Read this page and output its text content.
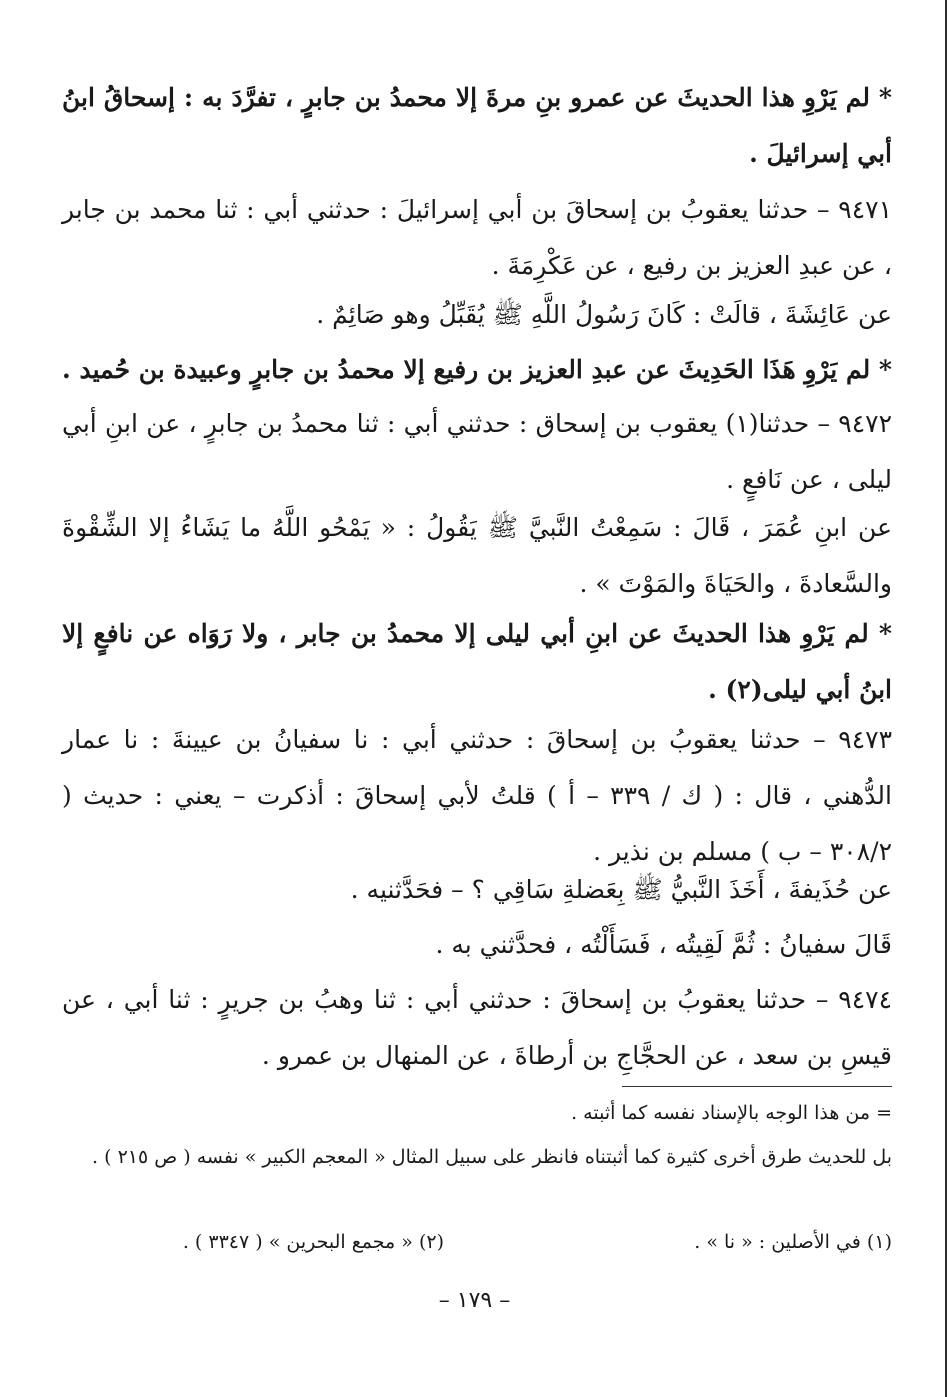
* لم يَرْوِ هذا الحديثَ عن عمرو بنِ مرةَ إلا محمدُ بن جابرٍ ، تفرَّدَ به : إسحاقُ ابنُ أبي إسرائيلَ .
٩٤٧١ – حدثنا يعقوبُ بن إسحاقَ بن أبي إسرائيلَ : حدثني أبي : ثنا محمد بن جابر ، عن عبدِ العزيز بن رفيع ، عن عَكْرِمَةَ .
عن عَائِشَةَ ، قالَتْ : كَانَ رَسُولُ اللَّهِ ﷺ يُقَبِّلُ وهو صَائِمٌ .
* لم يَرْوِ هَذَا الحَدِيثَ عن عبدِ العزيز بن رفيع إلا محمدُ بن جابرٍ وعبيدة بن حُميد .
٩٤٧٢ – حدثنا(١) يعقوب بن إسحاق : حدثني أبي : ثنا محمدُ بن جابرٍ ، عن ابنِ أبي ليلى ، عن نَافعٍ .
عن ابنِ عُمَرَ ، قَالَ : سَمِعْتُ النَّبيَّ ﷺ يَقُولُ : « يَمْحُو اللَّهُ ما يَشَاءُ إلا الشِّقْوةَ والسَّعادةَ ، والحَيَاةَ والمَوْتَ » .
* لم يَرْوِ هذا الحديثَ عن ابنِ أبي ليلى إلا محمدُ بن جابر ، ولا رَوَاه عن نافعٍ إلا ابنُ أبي ليلى(٢) .
٩٤٧٣ – حدثنا يعقوبُ بن إسحاقَ : حدثني أبي : نا سفيانُ بن عيينةَ : نا عمار الدُّهني ، قال : ( ك / ٣٣٩ – أ ) قلتُ لأبي إسحاقَ : أذكرت – يعني : حديث ( ٣٠٨/٢ – ب ) مسلم بن نذير .
عن حُذَيفةَ ، أَخَذَ النَّبيُّ ﷺ بِعَضلةِ سَاقِي ؟ – فحَدَّثنيه .
قَالَ سفيانُ : ثُمَّ لَقِيتُه ، فَسَأَلْتُه ، فحدَّثني به .
٩٤٧٤ – حدثنا يعقوبُ بن إسحاقَ : حدثني أبي : ثنا وهبُ بن جريرٍ : ثنا أبي ، عن قيسِ بن سعد ، عن الحجَّاجِ بن أرطاةَ ، عن المنهال بن عمرو .
= من هذا الوجه بالإسناد نفسه كما أثبته .
بل للحديث طرق أخرى كثيرة كما أثبتناه فانظر على سبيل المثال « المعجم الكبير » نفسه ( ص ٢١٥ ) .
(١) في الأصلين : « نا » .
(٢) « مجمع البحرين » ( ٣٣٤٧ ) .
– ١٧٩ –
